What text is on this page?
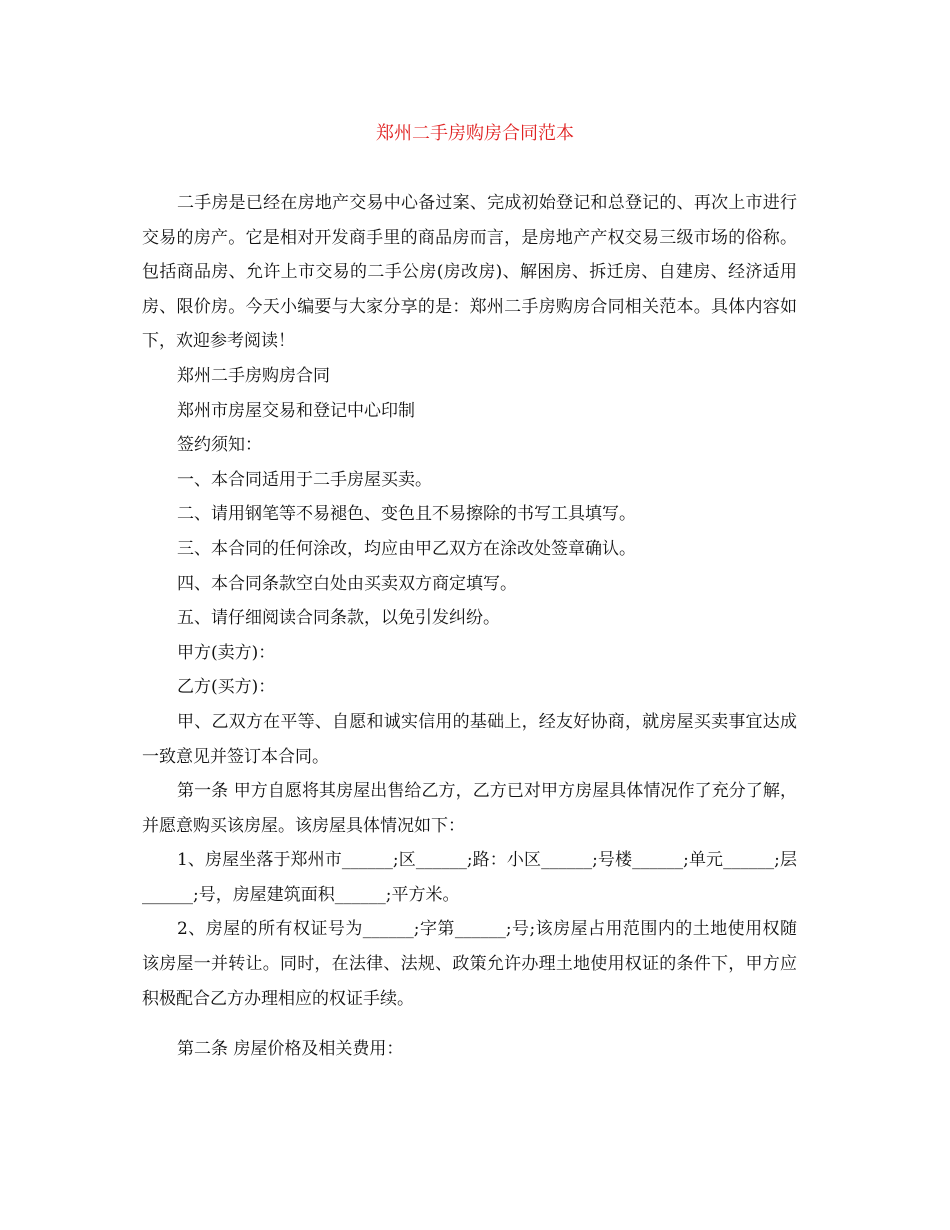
郑州二手房购房合同范本

二手房是已经在房地产交易中心备过案、完成初始登记和总登记的、再次上市进行交易的房产。它是相对开发商手里的商品房而言，是房地产产权交易三级市场的俗称。包括商品房、允许上市交易的二手公房(房改房)、解困房、拆迁房、自建房、经济适用房、限价房。今天小编要与大家分享的是：郑州二手房购房合同相关范本。具体内容如下，欢迎参考阅读！

郑州二手房购房合同

郑州市房屋交易和登记中心印制

签约须知：

一、本合同适用于二手房屋买卖。

二、请用钢笔等不易褪色、变色且不易擦除的书写工具填写。

三、本合同的任何涂改，均应由甲乙双方在涂改处签章确认。

四、本合同条款空白处由买卖双方商定填写。

五、请仔细阅读合同条款，以免引发纠纷。

甲方(卖方)：

乙方(买方)：

甲、乙双方在平等、自愿和诚实信用的基础上，经友好协商，就房屋买卖事宜达成一致意见并签订本合同。

第一条 甲方自愿将其房屋出售给乙方，乙方已对甲方房屋具体情况作了充分了解，并愿意购买该房屋。该房屋具体情况如下：

1、房屋坐落于郑州市______;区______;路：小区______;号楼______;单元______;层______;号，房屋建筑面积______;平方米。

2、房屋的所有权证号为______;字第______;号;该房屋占用范围内的土地使用权随该房屋一并转让。同时，在法律、法规、政策允许办理土地使用权证的条件下，甲方应积极配合乙方办理相应的权证手续。

第二条 房屋价格及相关费用：
